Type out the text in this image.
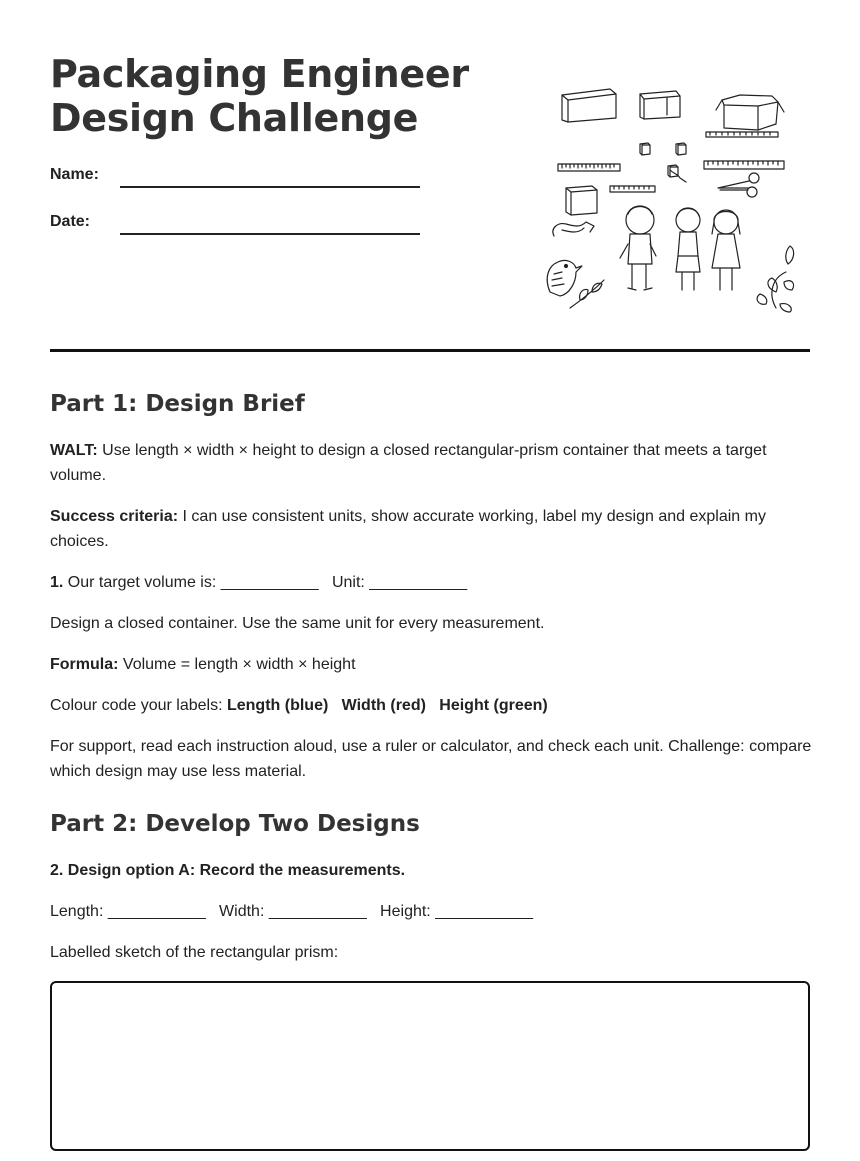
Packaging Engineer
Design Challenge
Name:
Date:
Part 1: Design Brief

WALT: Use length × width × height to design a closed rectangular-prism container that meets a target volume.

Success criteria: I can use consistent units, show accurate working, label my design and explain my choices.

1. Our target volume is: ___________   Unit: ___________

Design a closed container. Use the same unit for every measurement.

Formula: Volume = length × width × height

Colour code your labels: Length (blue) Width (red) Height (green)

For support, read each instruction aloud, use a ruler or calculator, and check each unit. Challenge: compare which design may use less material.

Part 2: Develop Two Designs

2. Design option A: Record the measurements.

Length: ___________   Width: ___________   Height: ___________

Labelled sketch of the rectangular prism:
